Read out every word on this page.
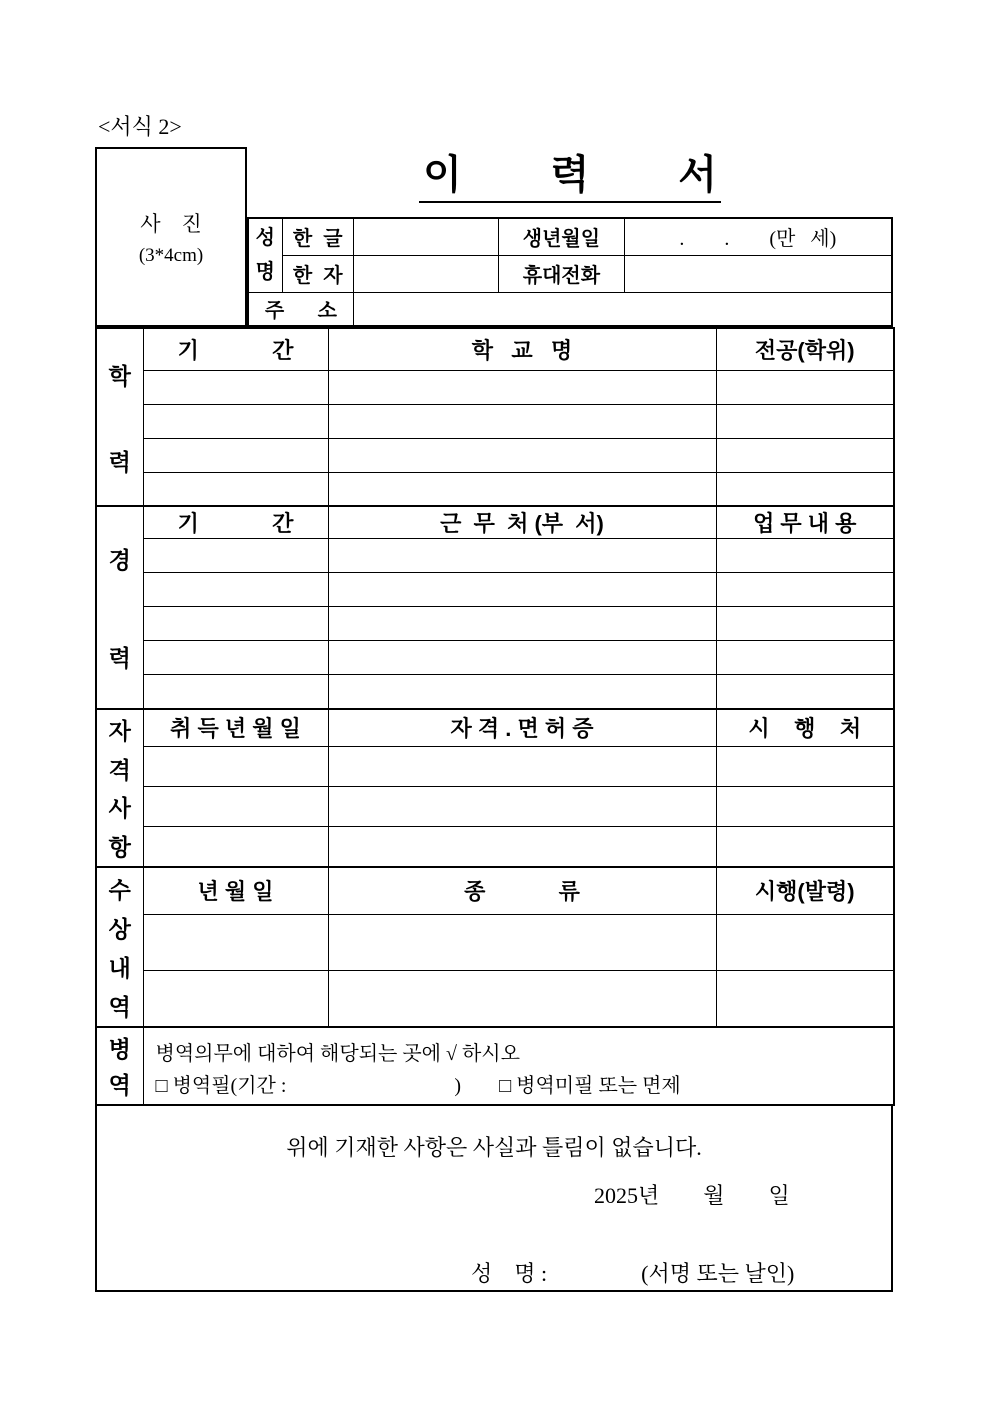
<서식 2>
사    진
(3*4cm)
이        력        서
성
명	한  글		생년월일	.        .        (만   세)
	한  자		휴대전화	
주      소				
학
력	기            간	학   교   명	전공(학위)

경
력	기            간	근  무  처 (부  서)	업 무 내 용

자
격
사
항	취 득 년 월 일	자 격 . 면 허 증	시    행    처

수
상
내
역	년 월 일	종            류	시행(발령)

병
역

병역의무에 대하여 해당되는 곳에 √ 하시오
□ 병역필(기간 :	) □ 병역미필 또는 면제
위에 기재한 사항은 사실과 틀림이 없습니다.
2025년        월        일
성    명 :	(서명 또는 날인)
